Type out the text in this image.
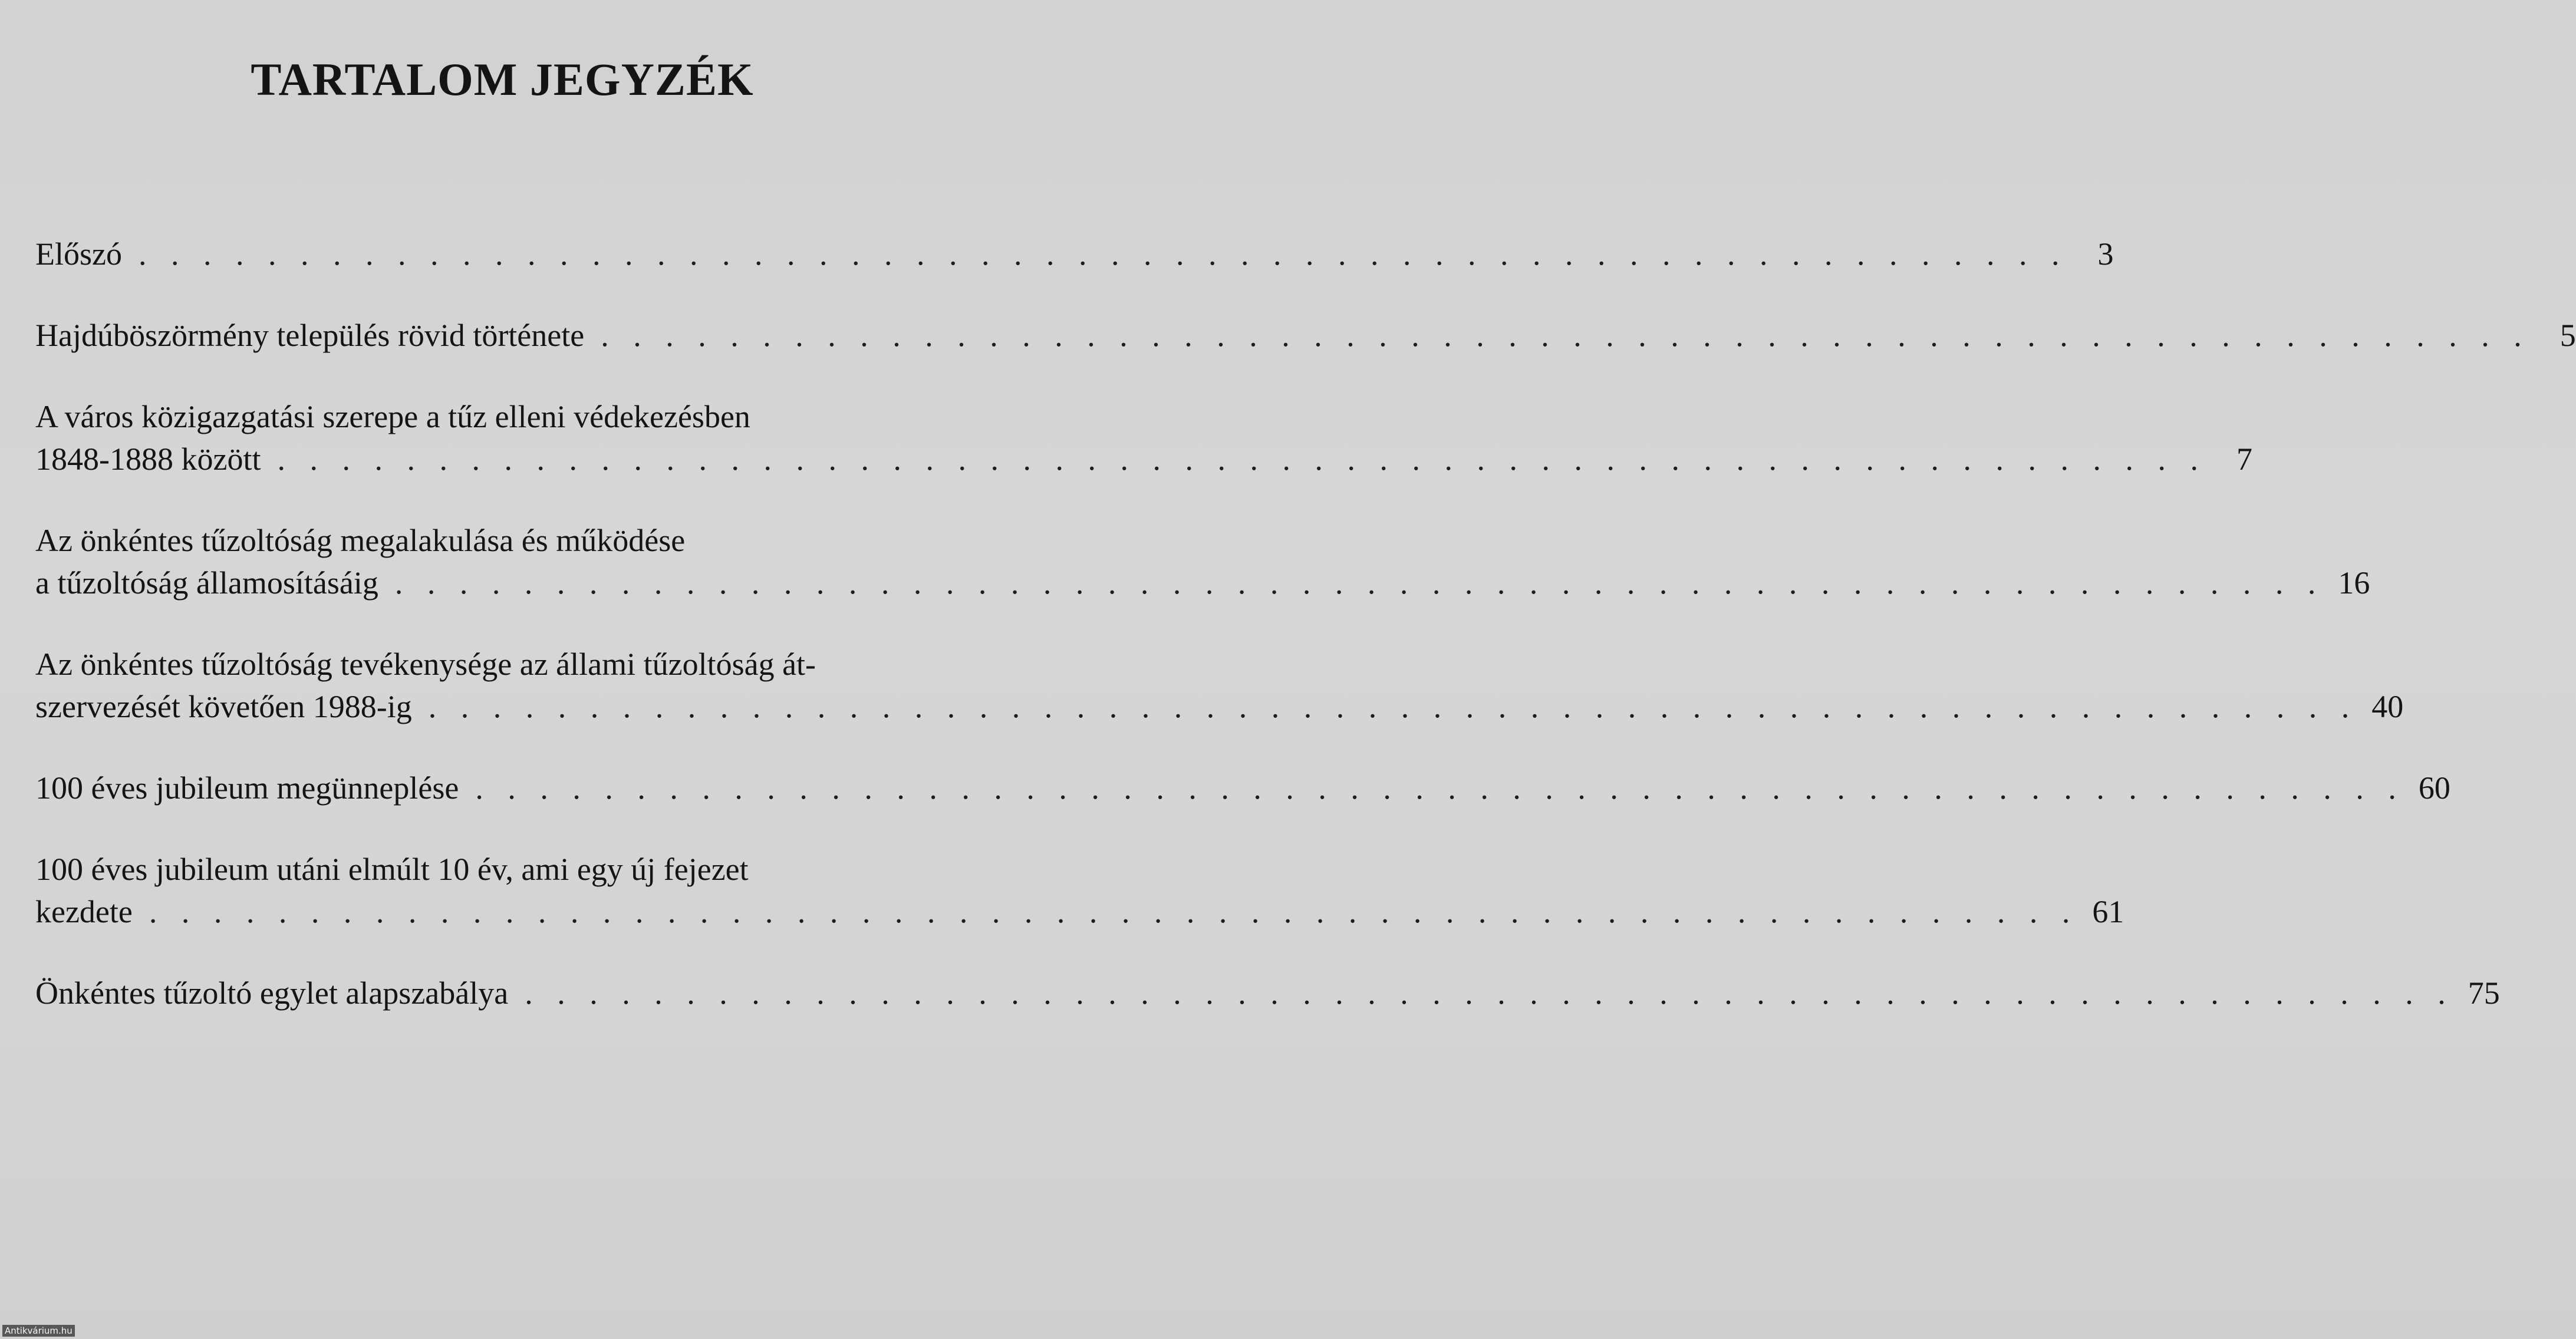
TARTALOM JEGYZÉK
Előszó . . . . . . . . . . . . . . . . . . . . . . . . . . . . . . . . . . . . . . . . . . . . . . . . . . . . . . . . . . . . 3
Hajdúböszörmény település rövid története . . . . . . . . . . . . . . . . . . . . . . . . . . . . . . . . . . . . . . . . . . . . . . . . . . . . . . . . . . . . 5
A város közigazgatási szerepe a tűz elleni védekezésben
1848-1888 között . . . . . . . . . . . . . . . . . . . . . . . . . . . . . . . . . . . . . . . . . . . . . . . . . . . . . . . . . . . . 7
Az önkéntes tűzoltóság megalakulása és működése
a tűzoltóság államosításáig . . . . . . . . . . . . . . . . . . . . . . . . . . . . . . . . . . . . . . . . . . . . . . . . . . . . . . . . . . . . 16
Az önkéntes tűzoltóság tevékenysége az állami tűzoltóság át-
szervezését követően 1988-ig . . . . . . . . . . . . . . . . . . . . . . . . . . . . . . . . . . . . . . . . . . . . . . . . . . . . . . . . . . . . 40
100 éves jubileum megünneplése . . . . . . . . . . . . . . . . . . . . . . . . . . . . . . . . . . . . . . . . . . . . . . . . . . . . . . . . . . . . 60
100 éves jubileum utáni elmúlt 10 év, ami egy új fejezet
kezdete . . . . . . . . . . . . . . . . . . . . . . . . . . . . . . . . . . . . . . . . . . . . . . . . . . . . . . . . . . . . 61
Önkéntes tűzoltó egylet alapszabálya . . . . . . . . . . . . . . . . . . . . . . . . . . . . . . . . . . . . . . . . . . . . . . . . . . . . . . . . . . . . 75
Antikvárium.hu
